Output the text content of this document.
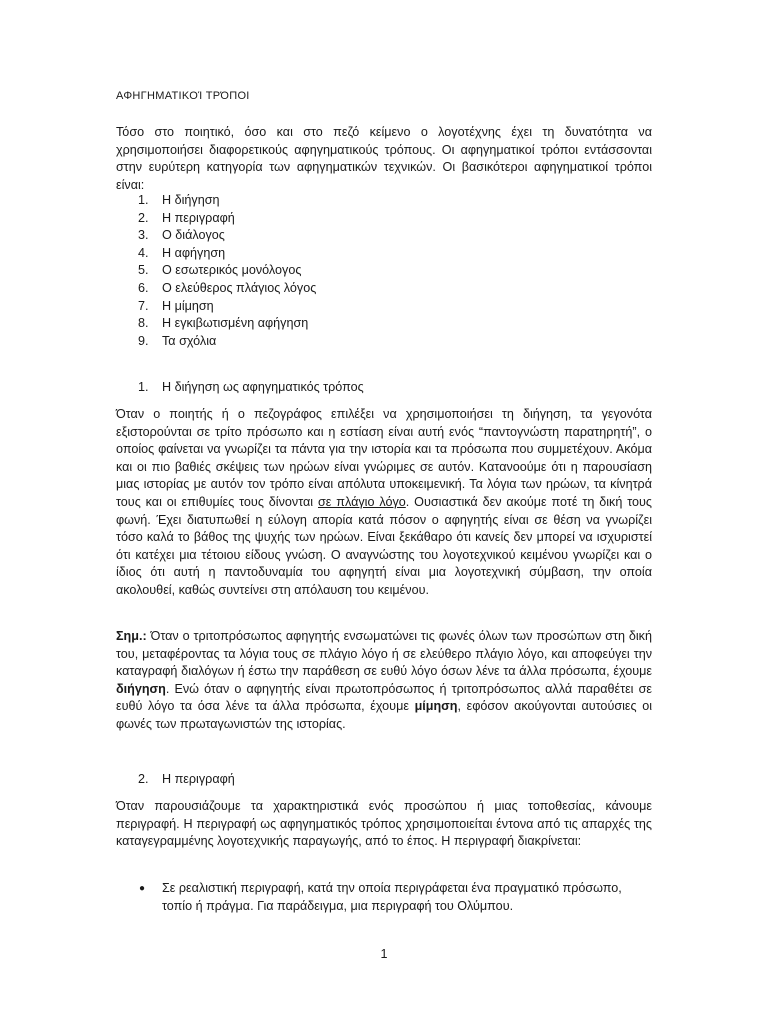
ΑΦΗΓΗΜΑΤΙΚΟΊ ΤΡΌΠΟΙ
Τόσο στο ποιητικό, όσο και στο πεζό κείμενο ο λογοτέχνης έχει τη δυνατότητα να χρησιμοποιήσει διαφορετικούς αφηγηματικούς τρόπους. Οι αφηγηματικοί τρόποι εντάσσονται στην ευρύτερη κατηγορία των αφηγηματικών τεχνικών. Οι βασικότεροι αφηγηματικοί τρόποι είναι:
1.	Η διήγηση
2.	Η περιγραφή
3.	Ο διάλογος
4.	Η αφήγηση
5.	Ο εσωτερικός μονόλογος
6.	Ο ελεύθερος πλάγιος λόγος
7.	Η μίμηση
8.	Η εγκιβωτισμένη αφήγηση
9.	Τα σχόλια
1. Η διήγηση ως αφηγηματικός τρόπος
Όταν ο ποιητής ή ο πεζογράφος επιλέξει να χρησιμοποιήσει τη διήγηση, τα γεγονότα εξιστορούνται σε τρίτο πρόσωπο και η εστίαση είναι αυτή ενός “παντογνώστη παρατηρητή”, ο οποίος φαίνεται να γνωρίζει τα πάντα για την ιστορία και τα πρόσωπα που συμμετέχουν. Ακόμα και οι πιο βαθιές σκέψεις των ηρώων είναι γνώριμες σε αυτόν. Κατανοούμε ότι η παρουσίαση μιας ιστορίας με αυτόν τον τρόπο είναι απόλυτα υποκειμενική. Τα λόγια των ηρώων, τα κίνητρά τους και οι επιθυμίες τους δίνονται σε πλάγιο λόγο. Ουσιαστικά δεν ακούμε ποτέ τη δική τους φωνή. Έχει διατυπωθεί η εύλογη απορία κατά πόσον ο αφηγητής είναι σε θέση να γνωρίζει τόσο καλά το βάθος της ψυχής των ηρώων. Είναι ξεκάθαρο ότι κανείς δεν μπορεί να ισχυριστεί ότι κατέχει μια τέτοιου είδους γνώση. Ο αναγνώστης του λογοτεχνικού κειμένου γνωρίζει και ο ίδιος ότι αυτή η παντοδυναμία του αφηγητή είναι μια λογοτεχνική σύμβαση, την οποία ακολουθεί, καθώς συντείνει στη απόλαυση του κειμένου.
Σημ.: Όταν ο τριτοπρόσωπος αφηγητής ενσωματώνει τις φωνές όλων των προσώπων στη δική του, μεταφέροντας τα λόγια τους σε πλάγιο λόγο ή σε ελεύθερο πλάγιο λόγο, και αποφεύγει την καταγραφή διαλόγων ή έστω την παράθεση σε ευθύ λόγο όσων λένε τα άλλα πρόσωπα, έχουμε διήγηση. Ενώ όταν ο αφηγητής είναι πρωτοπρόσωπος ή τριτοπρόσωπος αλλά παραθέτει σε ευθύ λόγο τα όσα λένε τα άλλα πρόσωπα, έχουμε μίμηση, εφόσον ακούγονται αυτούσιες οι φωνές των πρωταγωνιστών της ιστορίας.
2. Η περιγραφή
Όταν παρουσιάζουμε τα χαρακτηριστικά ενός προσώπου ή μιας τοποθεσίας, κάνουμε περιγραφή. Η περιγραφή ως αφηγηματικός τρόπος χρησιμοποιείται έντονα από τις απαρχές της καταγεγραμμένης λογοτεχνικής παραγωγής, από το έπος. Η περιγραφή διακρίνεται:
● Σε ρεαλιστική περιγραφή, κατά την οποία περιγράφεται ένα πραγματικό πρόσωπο, τοπίο ή πράγμα. Για παράδειγμα, μια περιγραφή του Ολύμπου.
1
